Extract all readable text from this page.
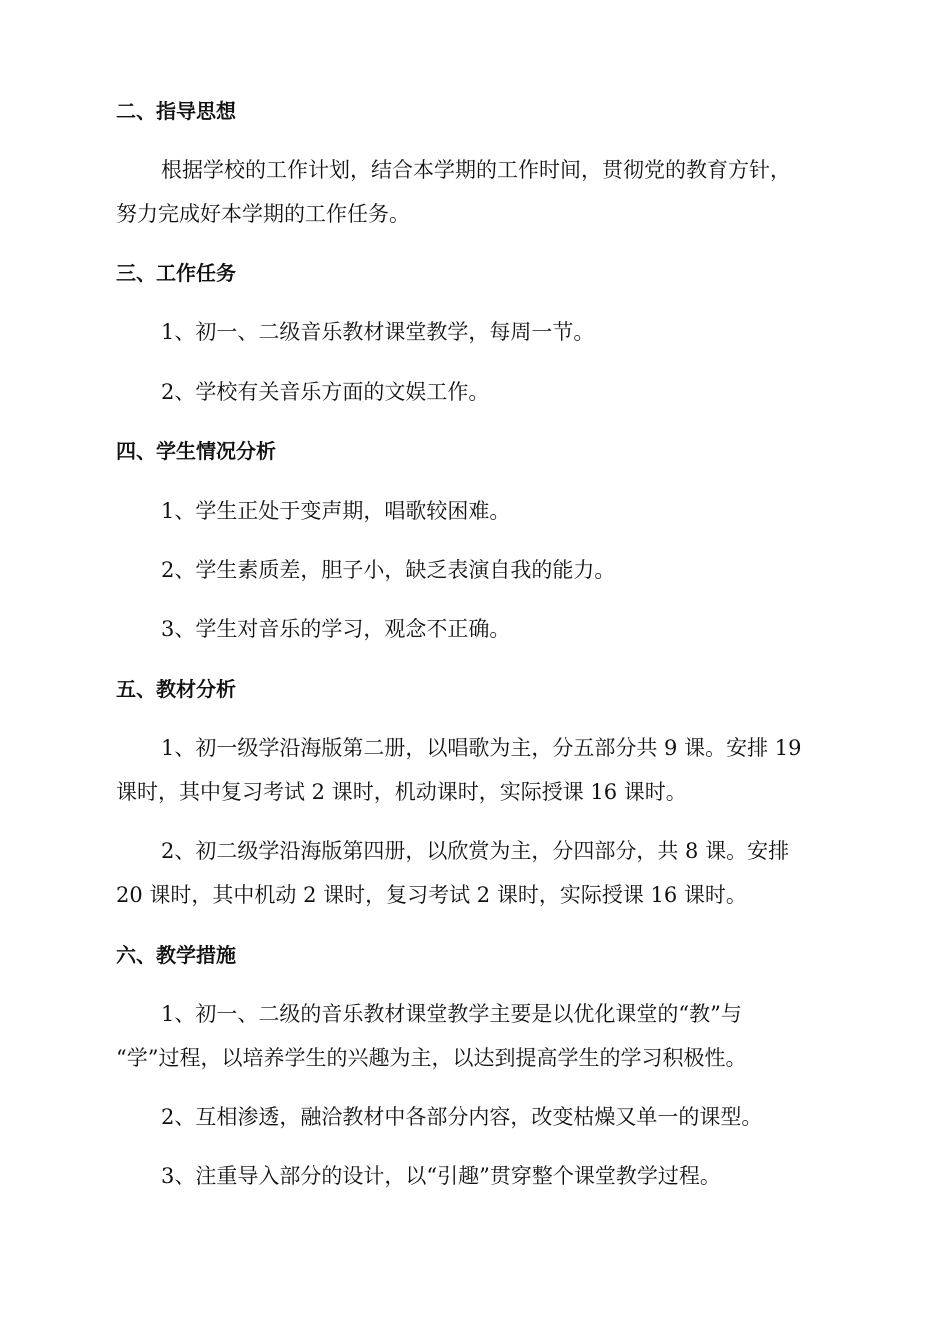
二、指导思想
根据学校的工作计划，结合本学期的工作时间，贯彻党的教育方针，
努力完成好本学期的工作任务。
三、工作任务
1、初一、二级音乐教材课堂教学，每周一节。
2、学校有关音乐方面的文娱工作。
四、学生情况分析
1、学生正处于变声期，唱歌较困难。
2、学生素质差，胆子小，缺乏表演自我的能力。
3、学生对音乐的学习，观念不正确。
五、教材分析
1、初一级学沿海版第二册，以唱歌为主，分五部分共 9 课。安排 19
课时，其中复习考试 2 课时，机动课时，实际授课 16 课时。
2、初二级学沿海版第四册，以欣赏为主，分四部分，共 8 课。安排
20 课时，其中机动 2 课时，复习考试 2 课时，实际授课 16 课时。
六、教学措施
1、初一、二级的音乐教材课堂教学主要是以优化课堂的“教”与
“学”过程，以培养学生的兴趣为主，以达到提高学生的学习积极性。
2、互相渗透，融洽教材中各部分内容，改变枯燥又单一的课型。
3、注重导入部分的设计，以“引趣”贯穿整个课堂教学过程。
